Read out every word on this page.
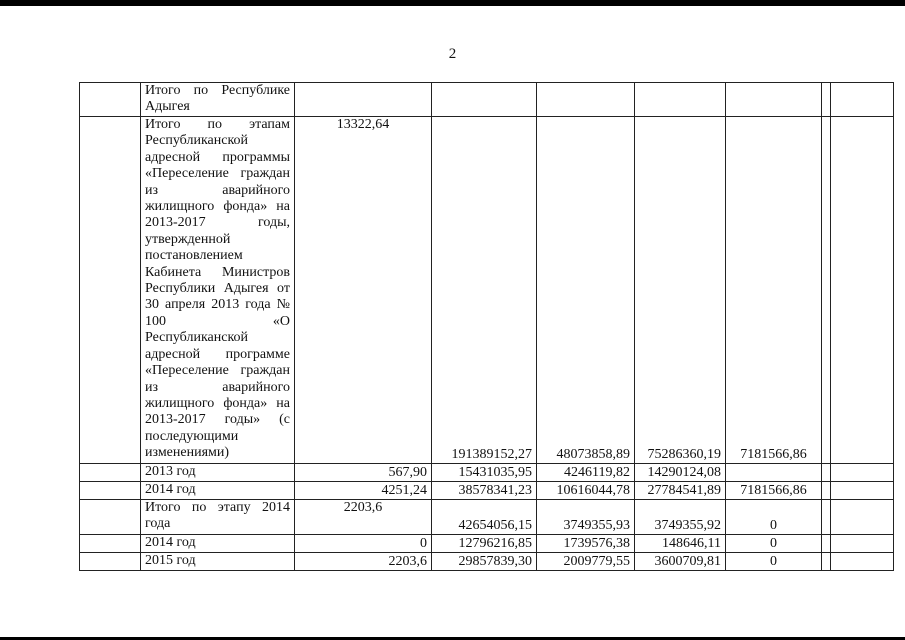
2
	Итого по Республике Адыгея							
	Итого по этапам Республиканской адресной программы «Переселение граждан из аварийного жилищного фонда» на 2013-2017 годы, утвержденной постановлением Кабинета Министров Республики Адыгея от 30 апреля 2013 года № 100 «О Республиканской адресной программе «Переселение граждан из аварийного жилищного фонда» на 2013-2017 годы» (с последующими изменениями)	13322,64	191389152,27	48073858,89	75286360,19	7181566,86		
	2013 год	567,90	15431035,95	4246119,82	14290124,08			
	2014 год	4251,24	38578341,23	10616044,78	27784541,89	7181566,86		
	Итого по этапу 2014 года	2203,6	42654056,15	3749355,93	3749355,92	0		
	2014 год	0	12796216,85	1739576,38	148646,11	0		
	2015 год	2203,6	29857839,30	2009779,55	3600709,81	0		
